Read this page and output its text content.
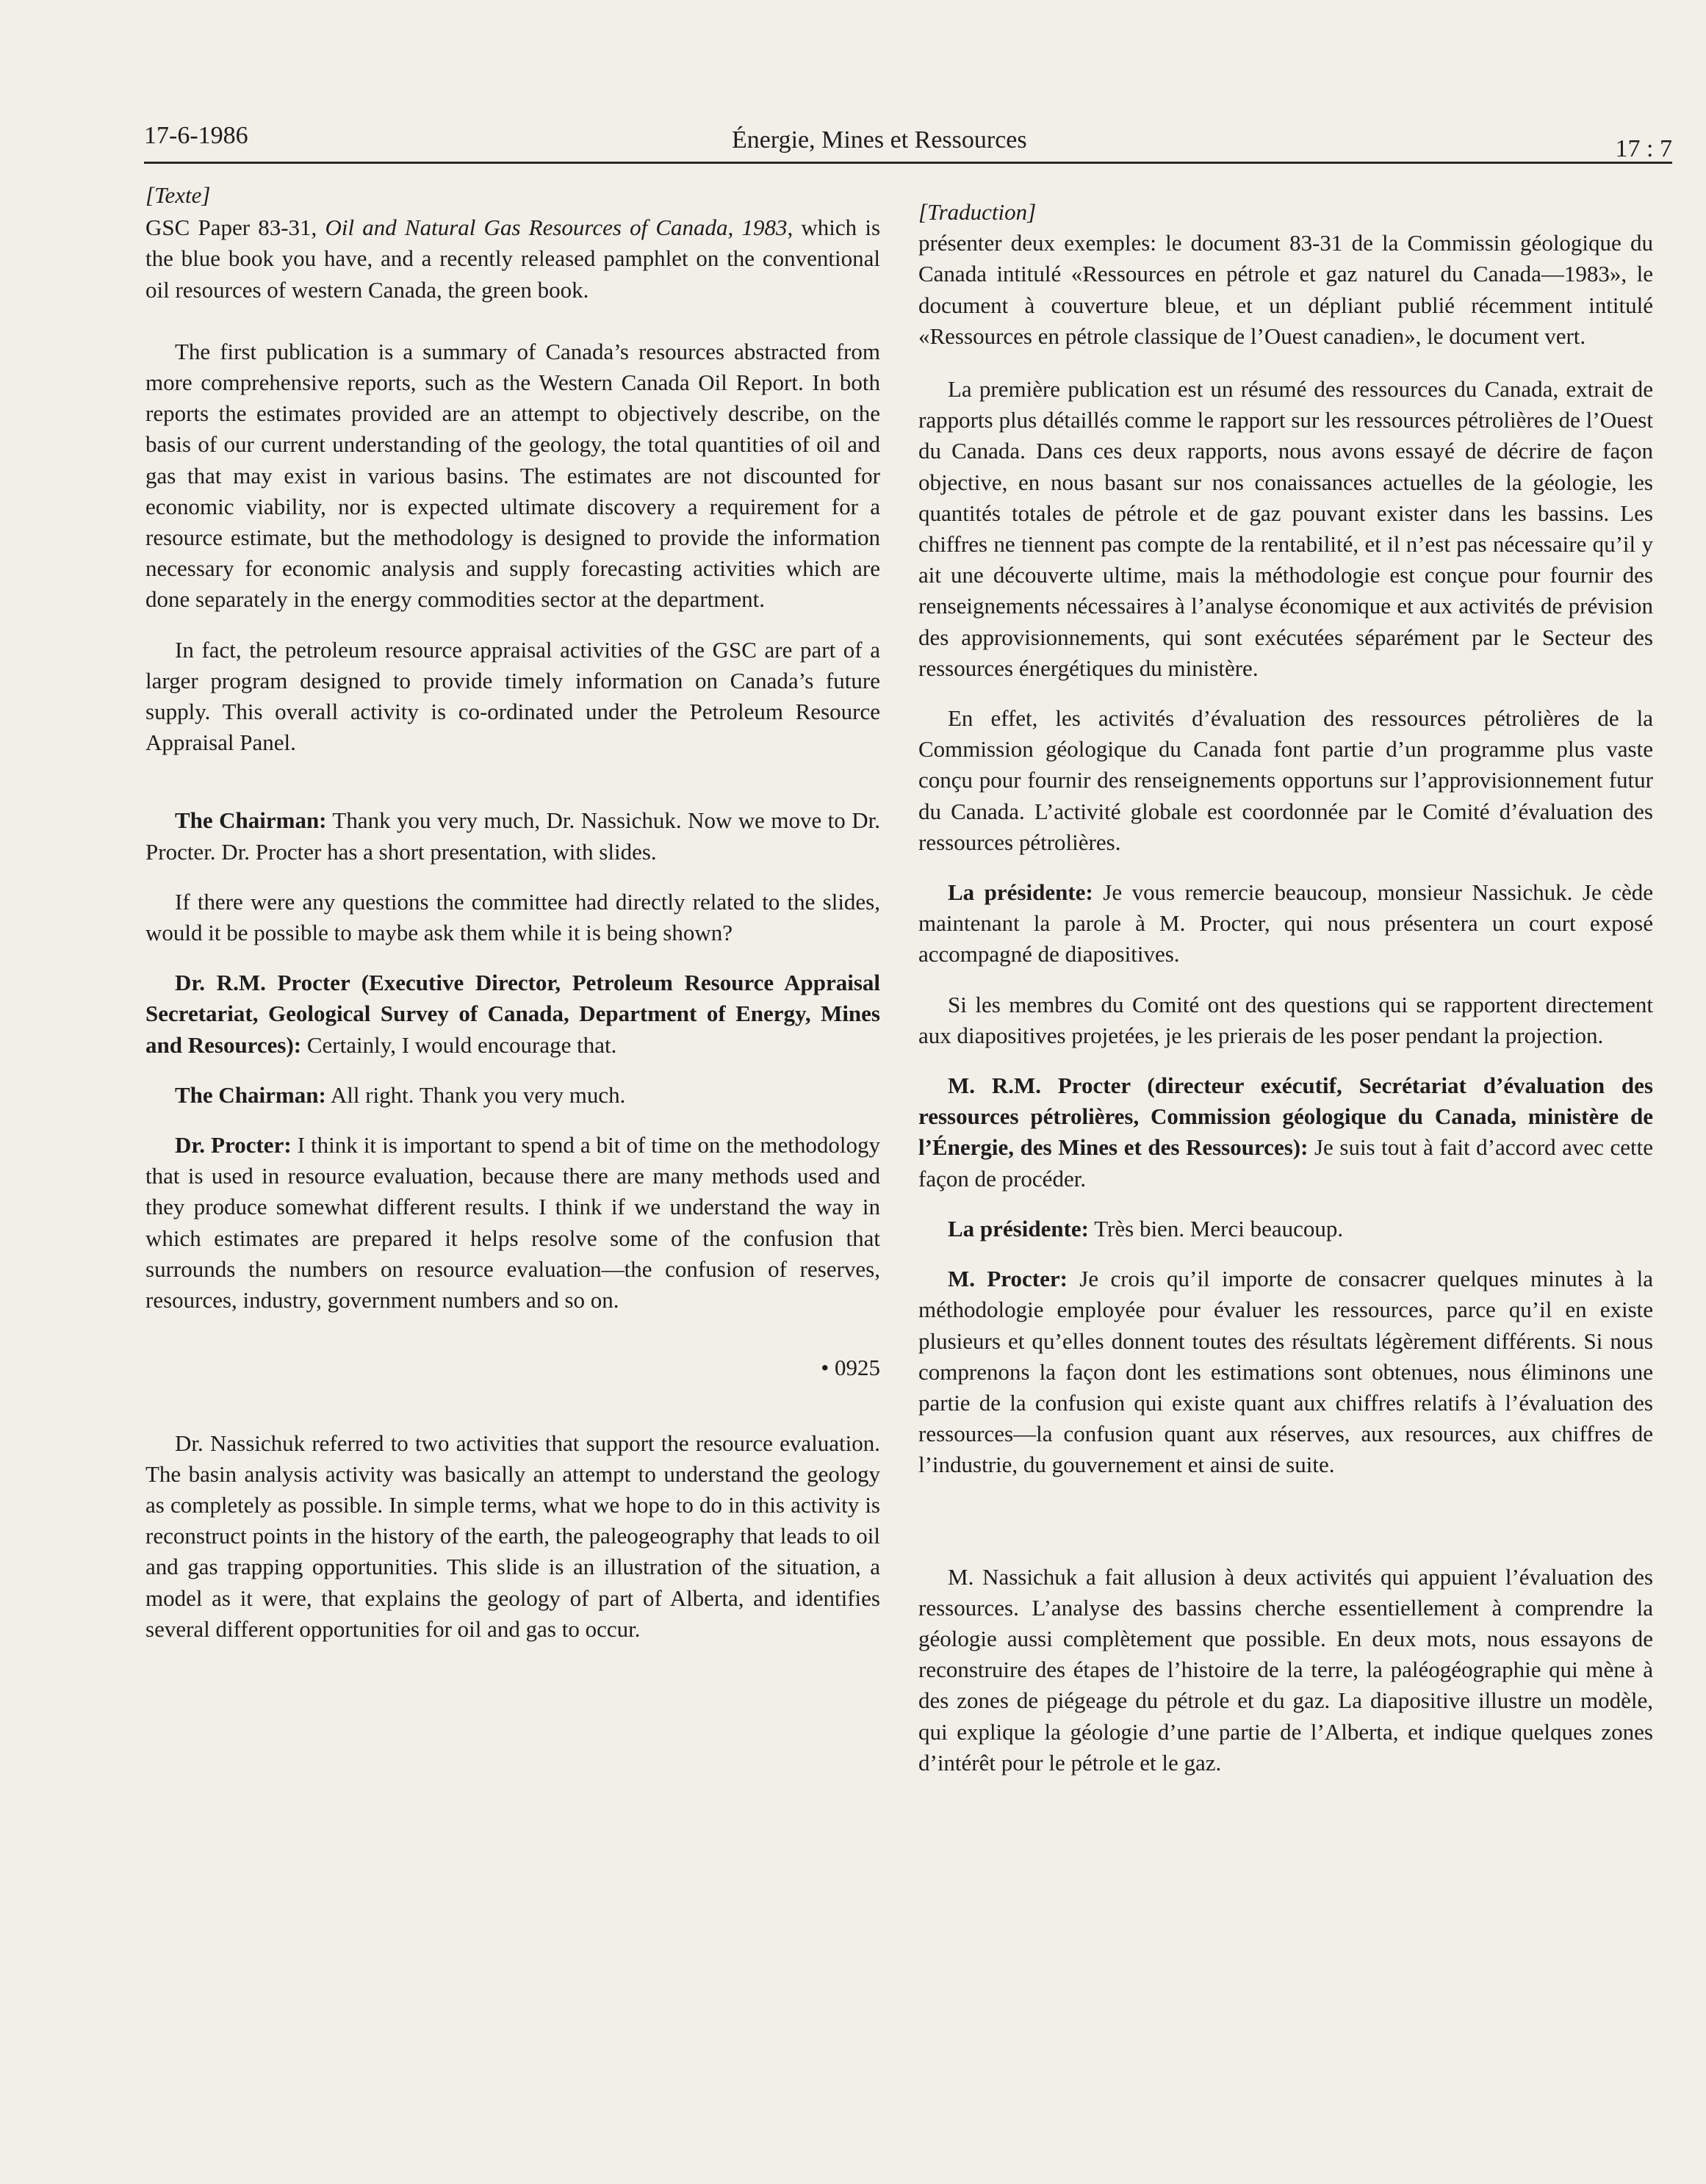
17-6-1986	Énergie, Mines et Ressources	17 : 7

[Texte]

GSC Paper 83-31, Oil and Natural Gas Resources of Canada, 1983, which is the blue book you have, and a recently released pamphlet on the conventional oil resources of western Canada, the green book.

The first publication is a summary of Canada’s resources abstracted from more comprehensive reports, such as the Western Canada Oil Report. In both reports the estimates provided are an attempt to objectively describe, on the basis of our current understanding of the geology, the total quantities of oil and gas that may exist in various basins. The estimates are not discounted for economic viability, nor is expected ultimate discovery a requirement for a resource estimate, but the methodology is designed to provide the information necessary for economic analysis and supply forecasting activities which are done separately in the energy commodities sector at the department.

In fact, the petroleum resource appraisal activities of the GSC are part of a larger program designed to provide timely information on Canada’s future supply. This overall activity is co-ordinated under the Petroleum Resource Appraisal Panel.

The Chairman: Thank you very much, Dr. Nassichuk. Now we move to Dr. Procter. Dr. Procter has a short presentation, with slides.

If there were any questions the committee had directly related to the slides, would it be possible to maybe ask them while it is being shown?

Dr. R.M. Procter (Executive Director, Petroleum Resource Appraisal Secretariat, Geological Survey of Canada, Department of Energy, Mines and Resources): Certainly, I would encourage that.

The Chairman: All right. Thank you very much.

Dr. Procter: I think it is important to spend a bit of time on the methodology that is used in resource evaluation, because there are many methods used and they produce somewhat different results. I think if we understand the way in which estimates are prepared it helps resolve some of the confusion that surrounds the numbers on resource evaluation—the confusion of reserves, resources, industry, government numbers and so on.

• 0925

Dr. Nassichuk referred to two activities that support the resource evaluation. The basin analysis activity was basically an attempt to understand the geology as completely as possible. In simple terms, what we hope to do in this activity is reconstruct points in the history of the earth, the paleogeography that leads to oil and gas trapping opportunities. This slide is an illustration of the situation, a model as it were, that explains the geology of part of Alberta, and identifies several different opportunities for oil and gas to occur.

[Traduction]

présenter deux exemples: le document 83-31 de la Commissin géologique du Canada intitulé «Ressources en pétrole et gaz naturel du Canada—1983», le document à couverture bleue, et un dépliant publié récemment intitulé «Ressources en pétrole classique de l’Ouest canadien», le document vert.

La première publication est un résumé des ressources du Canada, extrait de rapports plus détaillés comme le rapport sur les ressources pétrolières de l’Ouest du Canada. Dans ces deux rapports, nous avons essayé de décrire de façon objective, en nous basant sur nos conaissances actuelles de la géologie, les quantités totales de pétrole et de gaz pouvant exister dans les bassins. Les chiffres ne tiennent pas compte de la rentabilité, et il n’est pas nécessaire qu’il y ait une découverte ultime, mais la méthodologie est conçue pour fournir des renseignements nécessaires à l’analyse économique et aux activités de prévision des approvisionnements, qui sont exécutées séparément par le Secteur des ressources énergétiques du ministère.

En effet, les activités d’évaluation des ressources pétrolières de la Commission géologique du Canada font partie d’un programme plus vaste conçu pour fournir des renseignements opportuns sur l’approvisionnement futur du Canada. L’activité globale est coordonnée par le Comité d’évaluation des ressources pétrolières.

La présidente: Je vous remercie beaucoup, monsieur Nassichuk. Je cède maintenant la parole à M. Procter, qui nous présentera un court exposé accompagné de diapositives.

Si les membres du Comité ont des questions qui se rapportent directement aux diapositives projetées, je les prierais de les poser pendant la projection.

M. R.M. Procter (directeur exécutif, Secrétariat d’évaluation des ressources pétrolières, Commission géologique du Canada, ministère de l’Énergie, des Mines et des Ressources): Je suis tout à fait d’accord avec cette façon de procéder.

La présidente: Très bien. Merci beaucoup.

M. Procter: Je crois qu’il importe de consacrer quelques minutes à la méthodologie employée pour évaluer les ressources, parce qu’il en existe plusieurs et qu’elles donnent toutes des résultats légèrement différents. Si nous comprenons la façon dont les estimations sont obtenues, nous éliminons une partie de la confusion qui existe quant aux chiffres relatifs à l’évaluation des ressources—la confusion quant aux réserves, aux resources, aux chiffres de l’industrie, du gouvernement et ainsi de suite.

M. Nassichuk a fait allusion à deux activités qui appuient l’évaluation des ressources. L’analyse des bassins cherche essentiellement à comprendre la géologie aussi complètement que possible. En deux mots, nous essayons de reconstruire des étapes de l’histoire de la terre, la paléogéographie qui mène à des zones de piégeage du pétrole et du gaz. La diapositive illustre un modèle, qui explique la géologie d’une partie de l’Alberta, et indique quelques zones d’intérêt pour le pétrole et le gaz.
